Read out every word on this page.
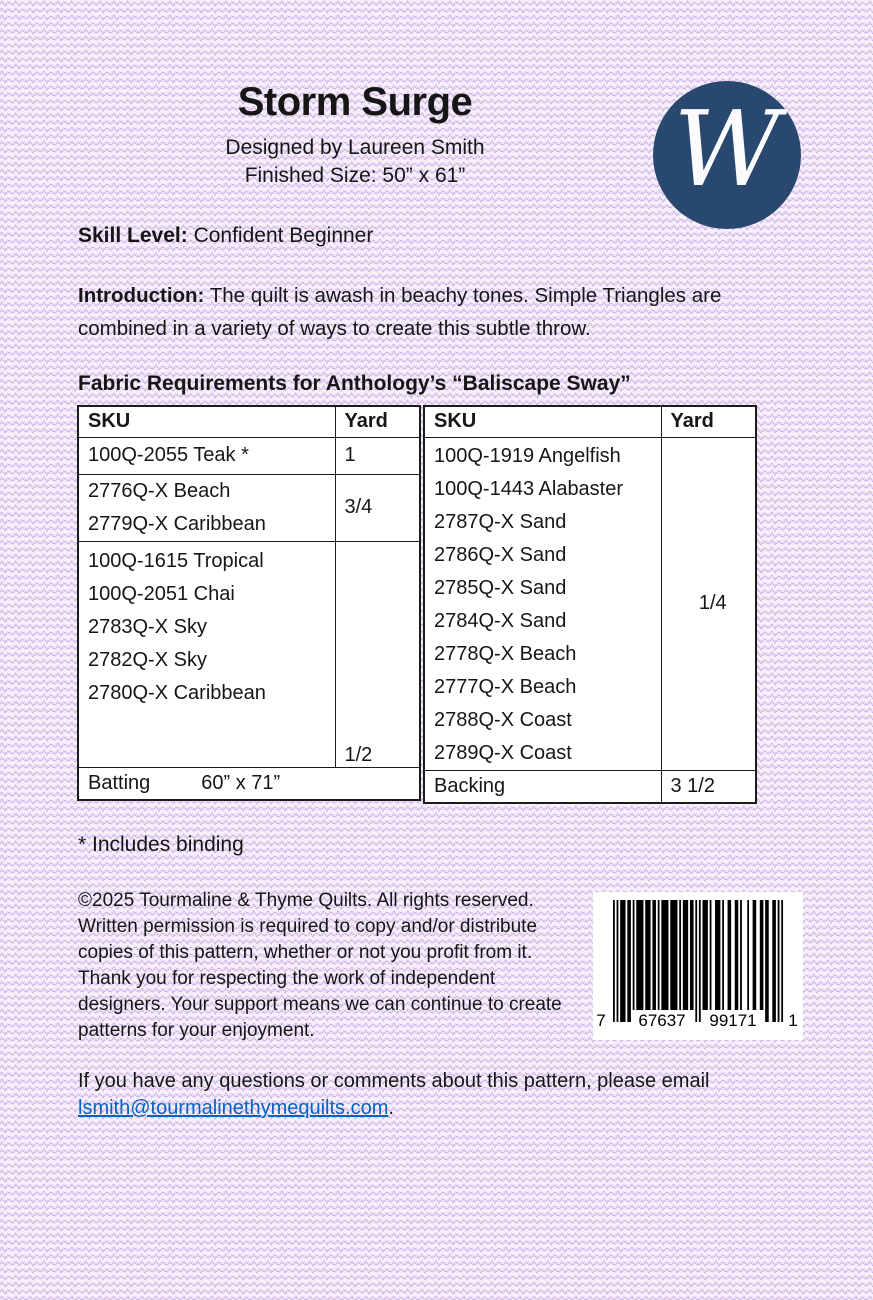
Storm Surge
Designed by Laureen Smith
Finished Size: 50” x 61”	W
Skill Level: Confident Beginner
Introduction: The quilt is awash in beachy tones. Simple Triangles are
combined in a variety of ways to create this subtle throw.
Fabric Requirements for Anthology’s “Baliscape Sway”
SKU	Yard
100Q-2055 Teak *	1

2776Q-X Beach
2779Q-X Caribbean	3/4

100Q-1615 Tropical
100Q-2051 Chai
2783Q-X Sky
2782Q-X Sky
2780Q-X Caribbean	1/2
Batting 60” x 71”	
SKU	Yard

100Q-1919 Angelfish
100Q-1443 Alabaster
2787Q-X Sand
2786Q-X Sand
2785Q-X Sand
2784Q-X Sand
2778Q-X Beach
2777Q-X Beach
2788Q-X Coast
2789Q-X Coast
	1/4
Backing	3 1/2
* Includes binding
©2025 Tourmaline & Thyme Quilts. All rights reserved.
Written permission is required to copy and/or distribute
copies of this pattern, whether or not you profit from it.
Thank you for respecting the work of independent
designers. Your support means we can continue to create
patterns for your enjoyment.	7	67637	99171	1
If you have any questions or comments about this pattern, please email
lsmith@tourmalinethymequilts.com.
